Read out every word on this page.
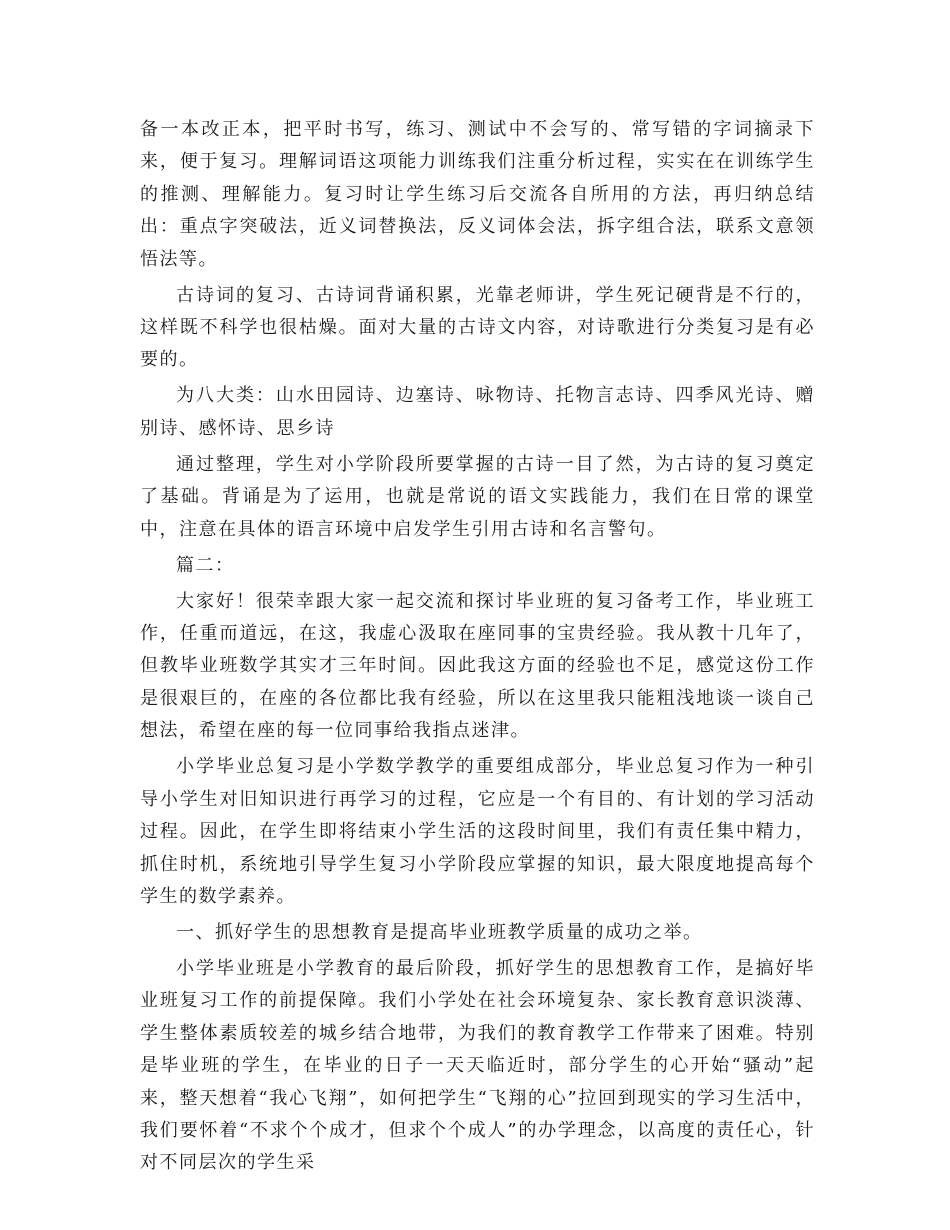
备一本改正本，把平时书写，练习、测试中不会写的、常写错的字词摘录下来，便于复习。理解词语这项能力训练我们注重分析过程，实实在在训练学生的推测、理解能力。复习时让学生练习后交流各自所用的方法，再归纳总结出：重点字突破法，近义词替换法，反义词体会法，拆字组合法，联系文意领悟法等。

古诗词的复习、古诗词背诵积累，光靠老师讲，学生死记硬背是不行的，这样既不科学也很枯燥。面对大量的古诗文内容，对诗歌进行分类复习是有必要的。

为八大类：山水田园诗、边塞诗、咏物诗、托物言志诗、四季风光诗、赠别诗、感怀诗、思乡诗

通过整理，学生对小学阶段所要掌握的古诗一目了然，为古诗的复习奠定了基础。背诵是为了运用，也就是常说的语文实践能力，我们在日常的课堂中，注意在具体的语言环境中启发学生引用古诗和名言警句。

篇二：

大家好！很荣幸跟大家一起交流和探讨毕业班的复习备考工作，毕业班工作，任重而道远，在这，我虚心汲取在座同事的宝贵经验。我从教十几年了，但教毕业班数学其实才三年时间。因此我这方面的经验也不足，感觉这份工作是很艰巨的，在座的各位都比我有经验，所以在这里我只能粗浅地谈一谈自己想法，希望在座的每一位同事给我指点迷津。

小学毕业总复习是小学数学教学的重要组成部分，毕业总复习作为一种引导小学生对旧知识进行再学习的过程，它应是一个有目的、有计划的学习活动过程。因此，在学生即将结束小学生活的这段时间里，我们有责任集中精力，抓住时机，系统地引导学生复习小学阶段应掌握的知识，最大限度地提高每个学生的数学素养。

一、抓好学生的思想教育是提高毕业班教学质量的成功之举。

小学毕业班是小学教育的最后阶段，抓好学生的思想教育工作，是搞好毕业班复习工作的前提保障。我们小学处在社会环境复杂、家长教育意识淡薄、学生整体素质较差的城乡结合地带，为我们的教育教学工作带来了困难。特别是毕业班的学生，在毕业的日子一天天临近时，部分学生的心开始“骚动”起来，整天想着“我心飞翔”，如何把学生“飞翔的心”拉回到现实的学习生活中，我们要怀着“不求个个成才，但求个个成人”的办学理念，以高度的责任心，针对不同层次的学生采
